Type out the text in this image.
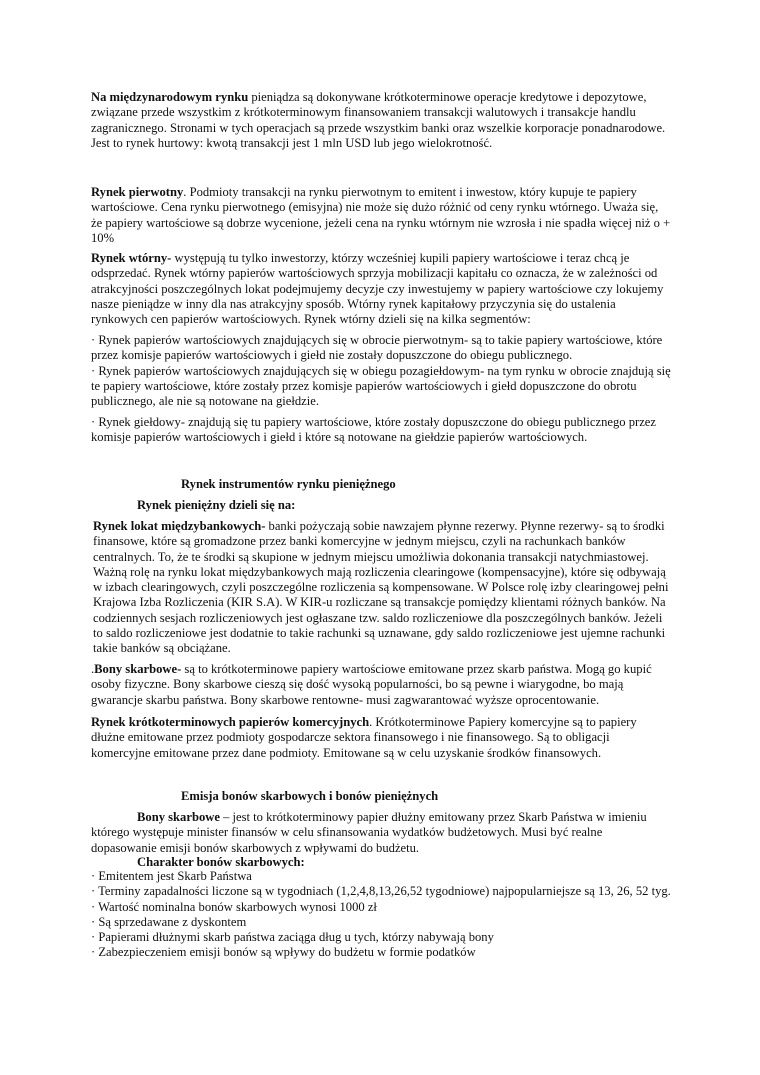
Na międzynarodowym rynku pieniądza są dokonywane krótkoterminowe operacje kredytowe i depozytowe, związane przede wszystkim z krótkoterminowym finansowaniem transakcji walutowych i transakcje handlu zagranicznego. Stronami w tych operacjach są przede wszystkim banki oraz wszelkie korporacje ponadnarodowe. Jest to rynek hurtowy: kwotą transakcji jest 1 mln USD lub jego wielokrotność.

Rynek pierwotny. Podmioty transakcji na rynku pierwotnym to emitent i inwestow, który kupuje te papiery wartościowe. Cena rynku pierwotnego (emisyjna) nie może się dużo różnić od ceny rynku wtórnego. Uważa się, że papiery wartościowe są dobrze wycenione, jeżeli cena na rynku wtórnym nie wzrosła i nie spadła więcej niż o + 10%

Rynek wtórny- występują tu tylko inwestorzy, którzy wcześniej kupili papiery wartościowe i teraz chcą je odsprzedać. Rynek wtórny papierów wartościowych sprzyja mobilizacji kapitału co oznacza, że w zależności od atrakcyjności poszczególnych lokat podejmujemy decyzje czy inwestujemy w papiery wartościowe czy lokujemy nasze pieniądze w inny dla nas atrakcyjny sposób. Wtórny rynek kapitałowy przyczynia się do ustalenia rynkowych cen papierów wartościowych. Rynek wtórny dzieli się na kilka segmentów:

· Rynek papierów wartościowych znajdujących się w obrocie pierwotnym- są to takie papiery wartościowe, które przez komisje papierów wartościowych i giełd nie zostały dopuszczone do obiegu publicznego.
· Rynek papierów wartościowych znajdujących się w obiegu pozagiełdowym- na tym rynku w obrocie znajdują się te papiery wartościowe, które zostały przez komisje papierów wartościowych i giełd dopuszczone do obrotu publicznego, ale nie są notowane na giełdzie.

· Rynek giełdowy- znajdują się tu papiery wartościowe, które zostały dopuszczone do obiegu publicznego przez komisje papierów wartościowych i giełd i które są notowane na giełdzie papierów wartościowych.

Rynek instrumentów rynku pieniężnego

Rynek pieniężny dzieli się na:

Rynek lokat międzybankowych- banki pożyczają sobie nawzajem płynne rezerwy. Płynne rezerwy- są to środki finansowe, które są gromadzone przez banki komercyjne w jednym miejscu, czyli na rachunkach banków centralnych. To, że te środki są skupione w jednym miejscu umożliwia dokonania transakcji natychmiastowej. Ważną rolę na rynku lokat międzybankowych mają rozliczenia clearingowe (kompensacyjne), które się odbywają w izbach clearingowych, czyli poszczególne rozliczenia są kompensowane. W Polsce rolę izby clearingowej pełni Krajowa Izba Rozliczenia (KIR S.A). W KIR-u rozliczane są transakcje pomiędzy klientami różnych banków. Na codziennych sesjach rozliczeniowych jest ogłaszane tzw. saldo rozliczeniowe dla poszczególnych banków. Jeżeli to saldo rozliczeniowe jest dodatnie to takie rachunki są uznawane, gdy saldo rozliczeniowe jest ujemne rachunki takie banków są obciążane.

.Bony skarbowe- są to krótkoterminowe papiery wartościowe emitowane przez skarb państwa. Mogą go kupić osoby fizyczne. Bony skarbowe cieszą się dość wysoką popularności, bo są pewne i wiarygodne, bo mają gwarancje skarbu państwa. Bony skarbowe rentowne- musi zagwarantować wyższe oprocentowanie.

Rynek krótkoterminowych papierów komercyjnych. Krótkoterminowe Papiery komercyjne są to papiery dłużne emitowane przez podmioty gospodarcze sektora finansowego i nie finansowego. Są to obligacji komercyjne emitowane przez dane podmioty. Emitowane są w celu uzyskanie środków finansowych.

Emisja bonów skarbowych i bonów pieniężnych

Bony skarbowe – jest to krótkoterminowy papier dłużny emitowany przez Skarb Państwa w imieniu którego występuje minister finansów w celu sfinansowania wydatków budżetowych. Musi być realne dopasowanie emisji bonów skarbowych z wpływami do budżetu.

Charakter bonów skarbowych:

· Emitentem jest Skarb Państwa
· Terminy zapadalności liczone są w tygodniach (1,2,4,8,13,26,52 tygodniowe) najpopularniejsze są 13, 26, 52 tyg.
· Wartość nominalna bonów skarbowych wynosi 1000 zł
· Są sprzedawane z dyskontem
· Papierami dłużnymi skarb państwa zaciąga dług u tych, którzy nabywają bony
· Zabezpieczeniem emisji bonów są wpływy do budżetu w formie podatków
